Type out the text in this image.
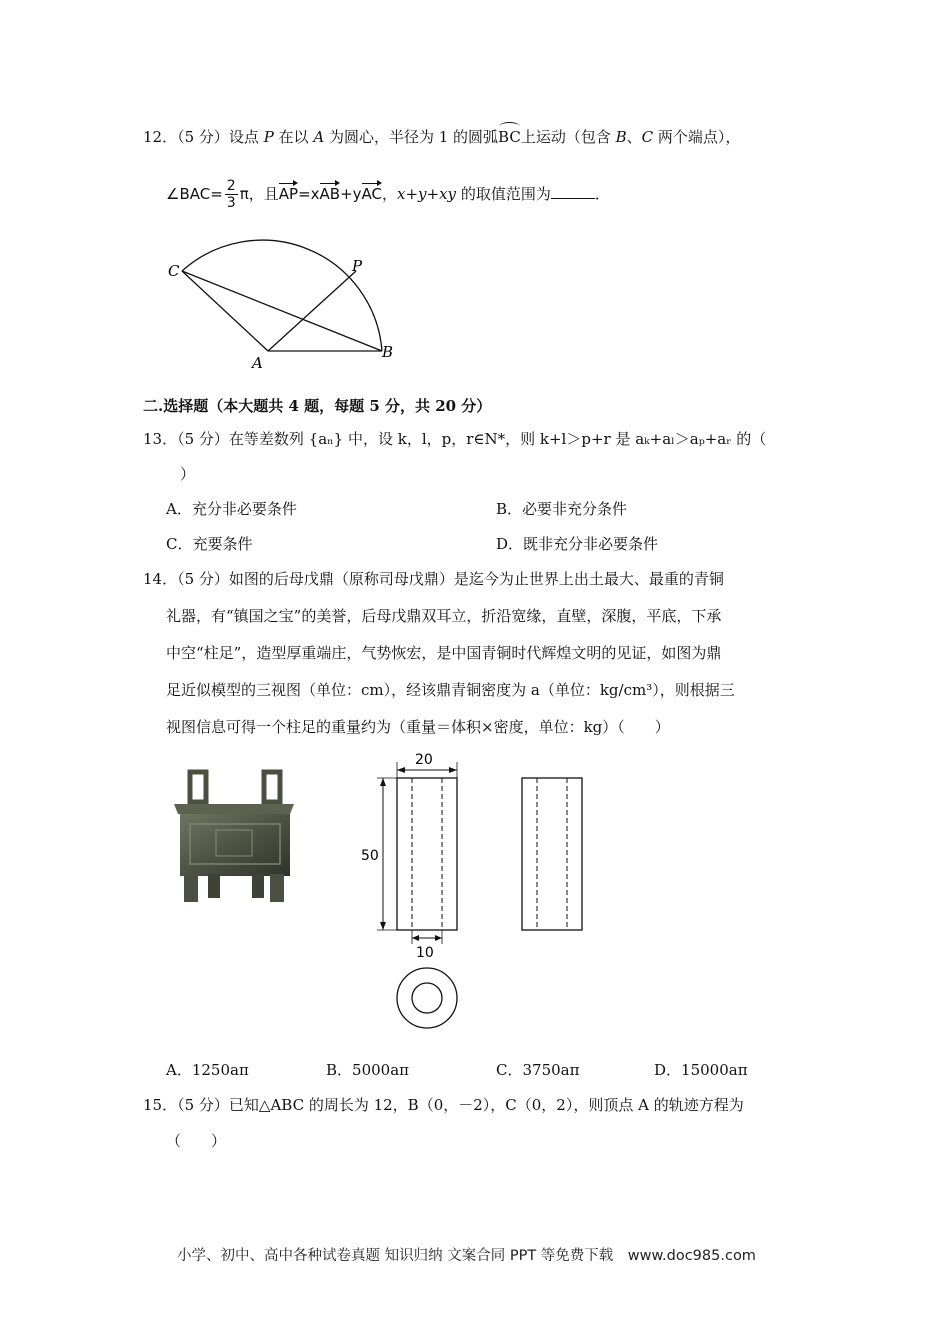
12．（5 分）设点 P 在以 A 为圆心，半径为 1 的圆弧BC上运动（包含 B、C 两个端点），
∠BAC= $\frac{2}{3}$ π，且AP=xAB+yAC，x+y+xy 的取值范围为	．
C	P
A
B
二.选择题（本大题共 4 题，每题 5 分，共 20 分）
13．（5 分）在等差数列 {aₙ} 中，设 k，l，p，r∈N*，则 k+l＞p+r 是 aₖ+aₗ＞aₚ+aᵣ 的（
）
A．充分非必要条件	B．必要非充分条件
C．充要条件	D．既非充分非必要条件
14．（5 分）如图的后母戊鼎（原称司母戊鼎）是迄今为止世界上出土最大、最重的青铜
礼器，有“镇国之宝”的美誉，后母戊鼎双耳立，折沿宽缘，直壁，深腹，平底，下承
中空“柱足”，造型厚重端庄，气势恢宏，是中国青铜时代辉煌文明的见证，如图为鼎
足近似模型的三视图（单位：cm），经该鼎青铜密度为 a（单位：kg/cm³），则根据三
视图信息可得一个柱足的重量约为（重量＝体积×密度，单位：kg）（　　）
20
50
10
A．1250aπ	B．5000aπ	C．3750aπ	D．15000aπ
15．（5 分）已知△ABC 的周长为 12，B（0，－2），C（0，2），则顶点 A 的轨迹方程为
（　　）
小学、初中、高中各种试卷真题 知识归纳 文案合同 PPT 等免费下载　www.doc985.com
